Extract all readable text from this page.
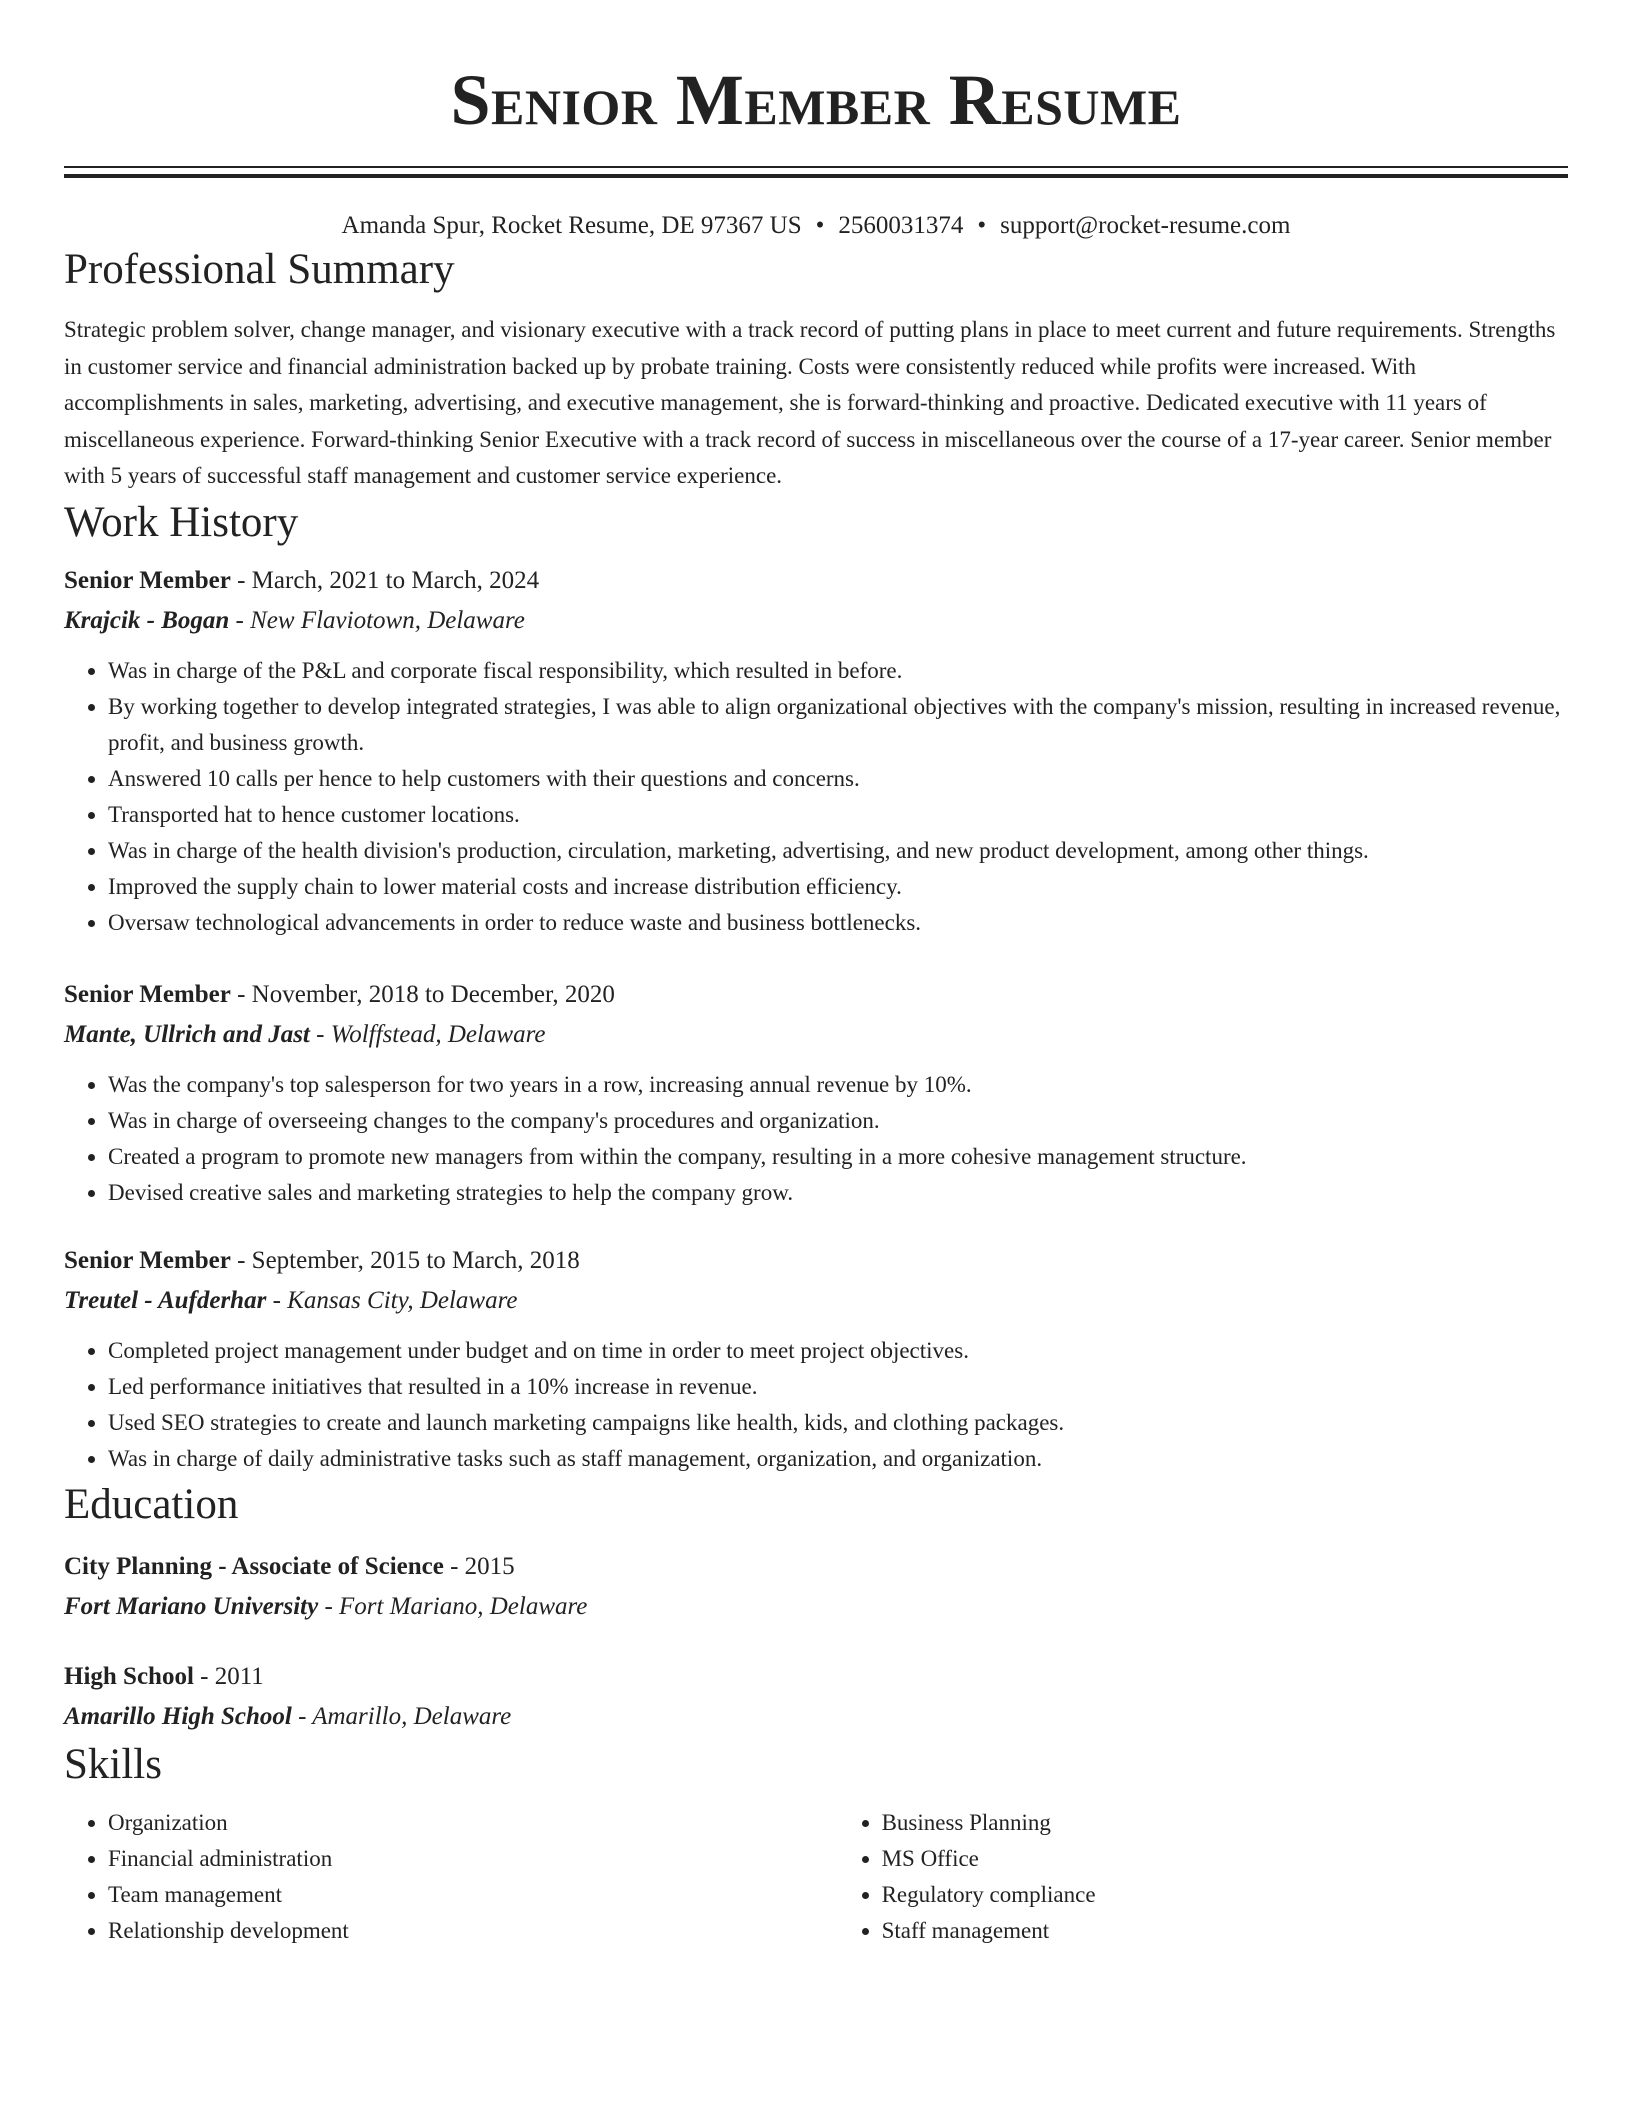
Senior Member Resume
Amanda Spur, Rocket Resume, DE 97367 US • 2560031374 • support@rocket-resume.com
Professional Summary

Strategic problem solver, change manager, and visionary executive with a track record of putting plans in place to meet current and future requirements. Strengths in customer service and financial administration backed up by probate training. Costs were consistently reduced while profits were increased. With accomplishments in sales, marketing, advertising, and executive management, she is forward-thinking and proactive. Dedicated executive with 11 years of miscellaneous experience. Forward-thinking Senior Executive with a track record of success in miscellaneous over the course of a 17-year career. Senior member with 5 years of successful staff management and customer service experience.

Work History
Senior Member - March, 2021 to March, 2024
Krajcik - Bogan - New Flaviotown, Delaware
• Was in charge of the P&L and corporate fiscal responsibility, which resulted in before.
• By working together to develop integrated strategies, I was able to align organizational objectives with the company's mission, resulting in increased revenue, profit, and business growth.
• Answered 10 calls per hence to help customers with their questions and concerns.
• Transported hat to hence customer locations.
• Was in charge of the health division's production, circulation, marketing, advertising, and new product development, among other things.
• Improved the supply chain to lower material costs and increase distribution efficiency.
• Oversaw technological advancements in order to reduce waste and business bottlenecks.
Senior Member - November, 2018 to December, 2020
Mante, Ullrich and Jast - Wolffstead, Delaware
• Was the company's top salesperson for two years in a row, increasing annual revenue by 10%.
• Was in charge of overseeing changes to the company's procedures and organization.
• Created a program to promote new managers from within the company, resulting in a more cohesive management structure.
• Devised creative sales and marketing strategies to help the company grow.
Senior Member - September, 2015 to March, 2018
Treutel - Aufderhar - Kansas City, Delaware
• Completed project management under budget and on time in order to meet project objectives.
• Led performance initiatives that resulted in a 10% increase in revenue.
• Used SEO strategies to create and launch marketing campaigns like health, kids, and clothing packages.
• Was in charge of daily administrative tasks such as staff management, organization, and organization.
Education
City Planning - Associate of Science - 2015
Fort Mariano University - Fort Mariano, Delaware
High School - 2011
Amarillo High School - Amarillo, Delaware
Skills
• Organization
• Financial administration
• Team management
• Relationship development
• Business Planning
• MS Office
• Regulatory compliance
• Staff management
